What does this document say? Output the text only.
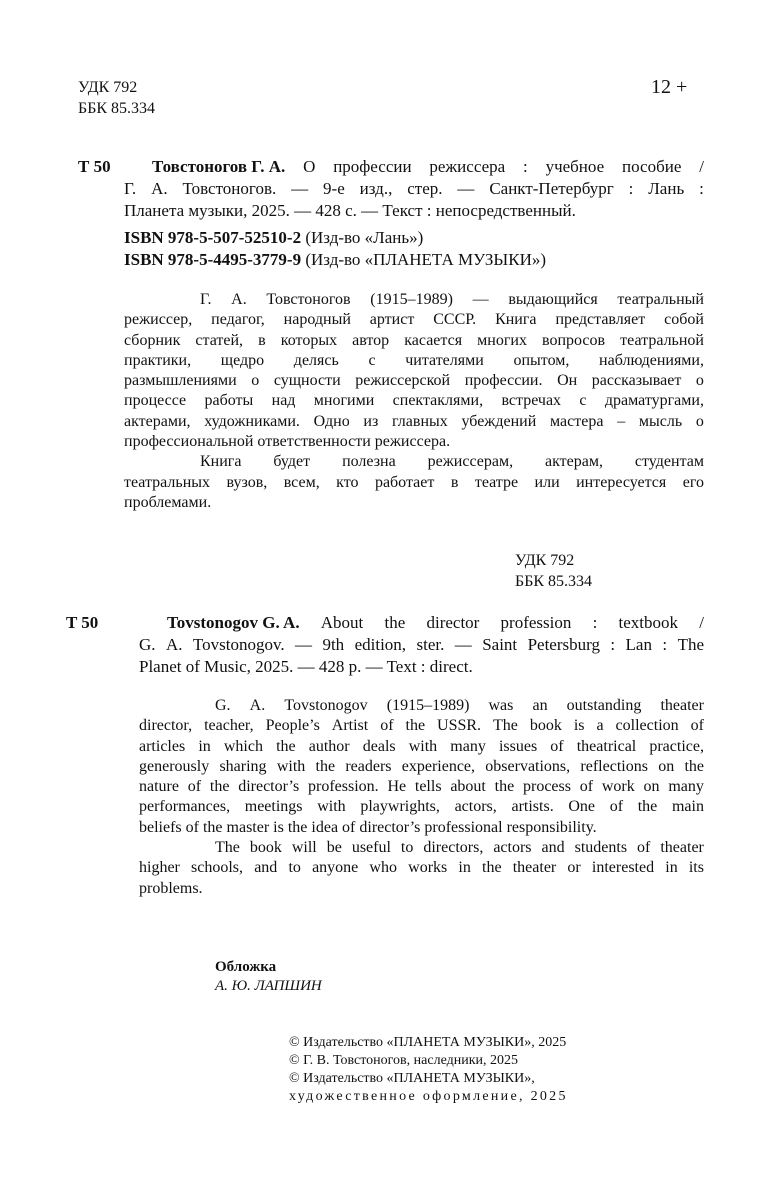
УДК 792
ББК 85.334
12 +
Т 50 Товстоногов Г. А. О профессии режиссера : учебное пособие /
Г. А. Товстоногов. — 9-е изд., стер. — Санкт-Петербург : Лань :
Планета музыки, 2025. — 428 с. — Текст : непосредственный.
ISBN 978-5-507-52510-2 (Изд-во «Лань»)
ISBN 978-5-4495-3779-9 (Изд-во «ПЛАНЕТА МУЗЫКИ»)
Г. А. Товстоногов (1915–1989) — выдающийся театральный
режиссер, педагог, народный артист СССР. Книга представляет собой
сборник статей, в которых автор касается многих вопросов театральной
практики, щедро делясь с читателями опытом, наблюдениями,
размышлениями о сущности режиссерской профессии. Он рассказывает о
процессе работы над многими спектаклями, встречах с драматургами,
актерами, художниками. Одно из главных убеждений мастера – мысль о
профессиональной ответственности режиссера.
Книга будет полезна режиссерам, актерам, студентам
театральных вузов, всем, кто работает в театре или интересуется его
проблемами.
УДК 792
ББК 85.334
T 50	Tovstonogov G. A. About the director profession : textbook /
G. A. Tovstonogov. — 9th edition, ster. — Saint Petersburg : Lan : The
Planet of Music, 2025. — 428 p. — Text : direct.
G. A. Tovstonogov (1915–1989) was an outstanding theater
director, teacher, People’s Artist of the USSR. The book is a collection of
articles in which the author deals with many issues of theatrical practice,
generously sharing with the readers experience, observations, reflections on the
nature of the director’s profession. He tells about the process of work on many
performances, meetings with playwrights, actors, artists. One of the main
beliefs of the master is the idea of director’s professional responsibility.
The book will be useful to directors, actors and students of theater
higher schools, and to anyone who works in the theater or interested in its
problems.
Обложка
А. Ю. ЛАПШИН
© Издательство «ПЛАНЕТА МУЗЫКИ», 2025
© Г. В. Товстоногов, наследники, 2025
© Издательство «ПЛАНЕТА МУЗЫКИ»,
художественное оформление, 2025
